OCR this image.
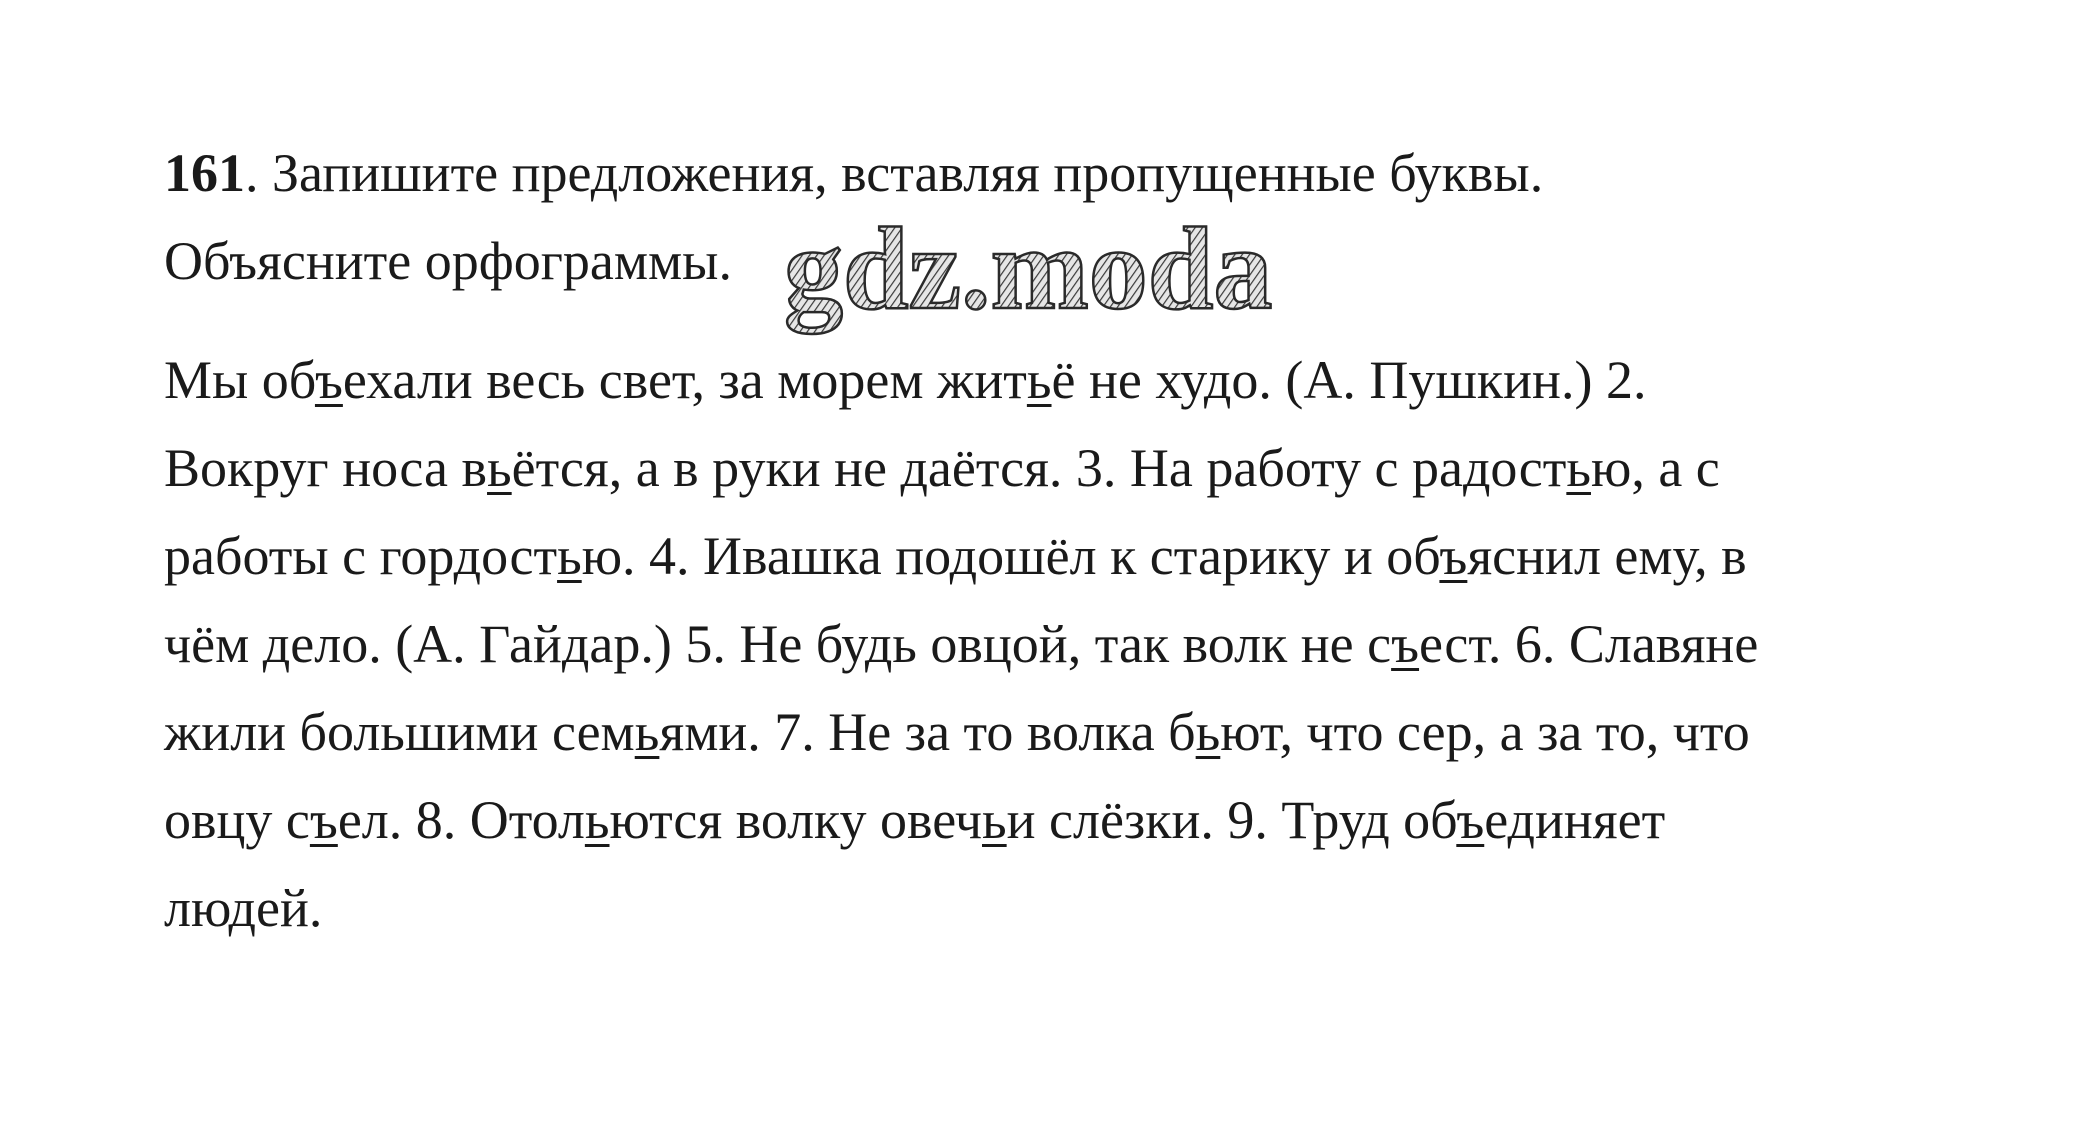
161. Запишите предложения, вставляя пропущенные буквы.
Объясните орфограммы.
Мы объехали весь свет, за морем житьё не худо. (А. Пушкин.) 2.
Вокруг носа вьётся, а в руки не даётся. 3. На работу с радостью, а с
работы с гордостью. 4. Ивашка подошёл к старику и объяснил ему, в
чём дело. (А. Гайдар.) 5. Не будь овцой, так волк не съест. 6. Славяне
жили большими семьями. 7. Не за то волка бьют, что сер, а за то, что
овцу съел. 8. Отольются волку овечьи слёзки. 9. Труд объединяет
людей.
gdz.moda
